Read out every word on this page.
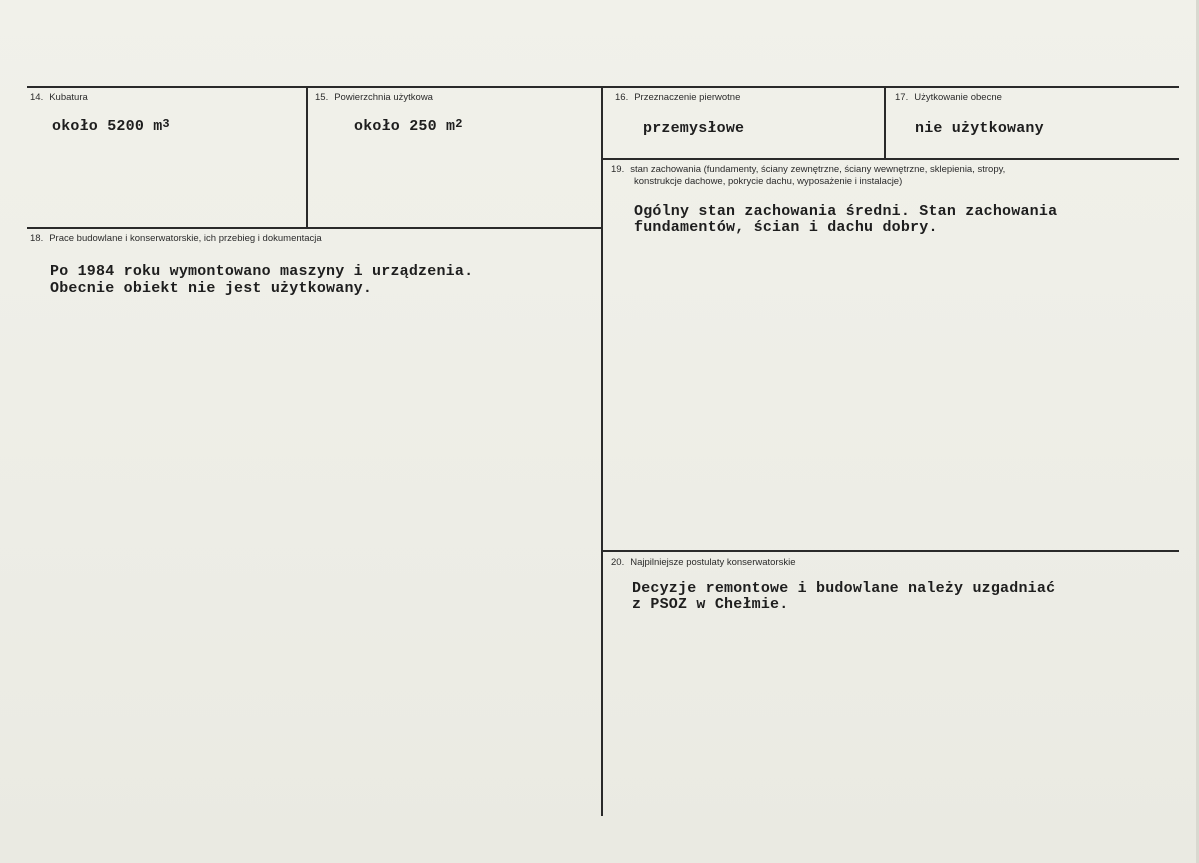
14. Kubatura
około 5200 $m^3$
15. Powierzchnia użytkowa
około 250 $m^2$
16. Przeznaczenie pierwotne
przemysłowe
17. Użytkowanie obecne
nie użytkowany
19. stan zachowania (fundamenty, ściany zewnętrzne, ściany wewnętrzne, sklepienia, stropy,
konstrukcje dachowe, pokrycie dachu, wyposażenie i instalacje)
Ogólny stan zachowania średni. Stan zachowania
fundamentów, ścian i dachu dobry.
18. Prace budowlane i konserwatorskie, ich przebieg i dokumentacja
Po 1984 roku wymontowano maszyny i urządzenia.
Obecnie obiekt nie jest użytkowany.
20. Najpilniejsze postulaty konserwatorskie
Decyzje remontowe i budowlane należy uzgadniać
z PSOZ w Chełmie.
